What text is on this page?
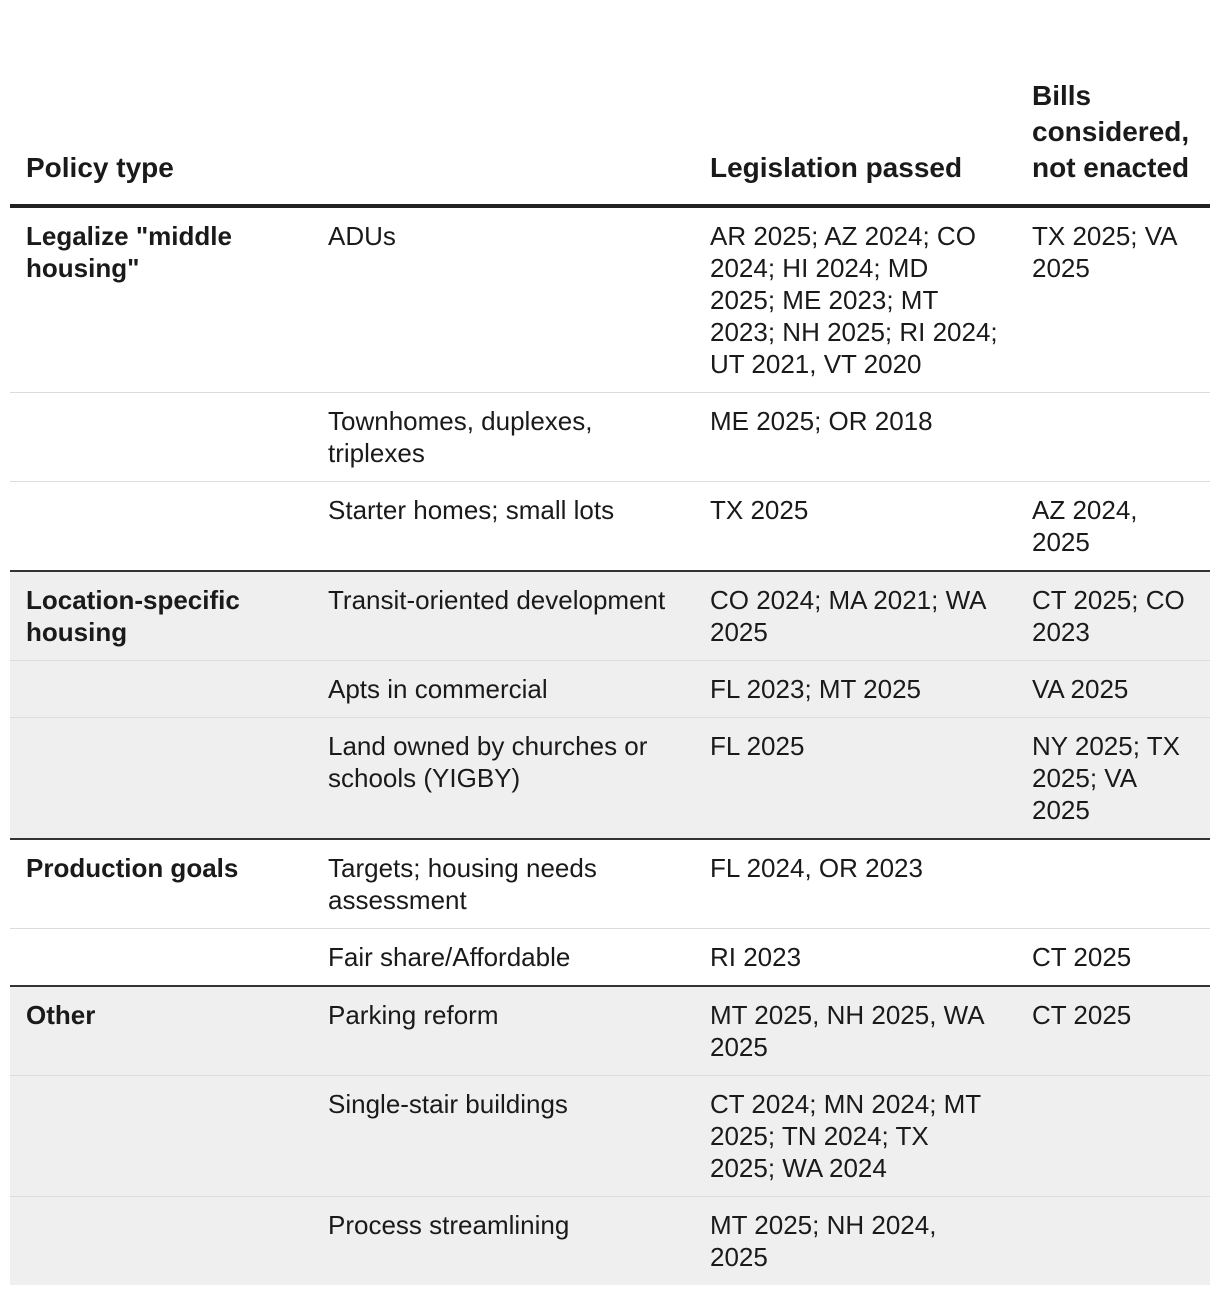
Policy type		Legislation passed	Bills considered, not enacted
Legalize "middle housing"	ADUs	AR 2025; AZ 2024; CO 2024; HI 2024; MD 2025; ME 2023; MT 2023; NH 2025; RI 2024; UT 2021, VT 2020	TX 2025; VA 2025
	Townhomes, duplexes, triplexes	ME 2025; OR 2018	
	Starter homes; small lots	TX 2025	AZ 2024, 2025
Location-specific housing	Transit-oriented development	CO 2024; MA 2021; WA 2025	CT 2025; CO 2023
	Apts in commercial	FL 2023; MT 2025	VA 2025
	Land owned by churches or schools (YIGBY)	FL 2025	NY 2025; TX 2025; VA 2025
Production goals	Targets; housing needs assessment	FL 2024, OR 2023	
	Fair share/Affordable	RI 2023	CT 2025
Other	Parking reform	MT 2025, NH 2025, WA 2025	CT 2025
	Single-stair buildings	CT 2024; MN 2024; MT 2025; TN 2024; TX 2025; WA 2024	
	Process streamlining	MT 2025; NH 2024, 2025	
